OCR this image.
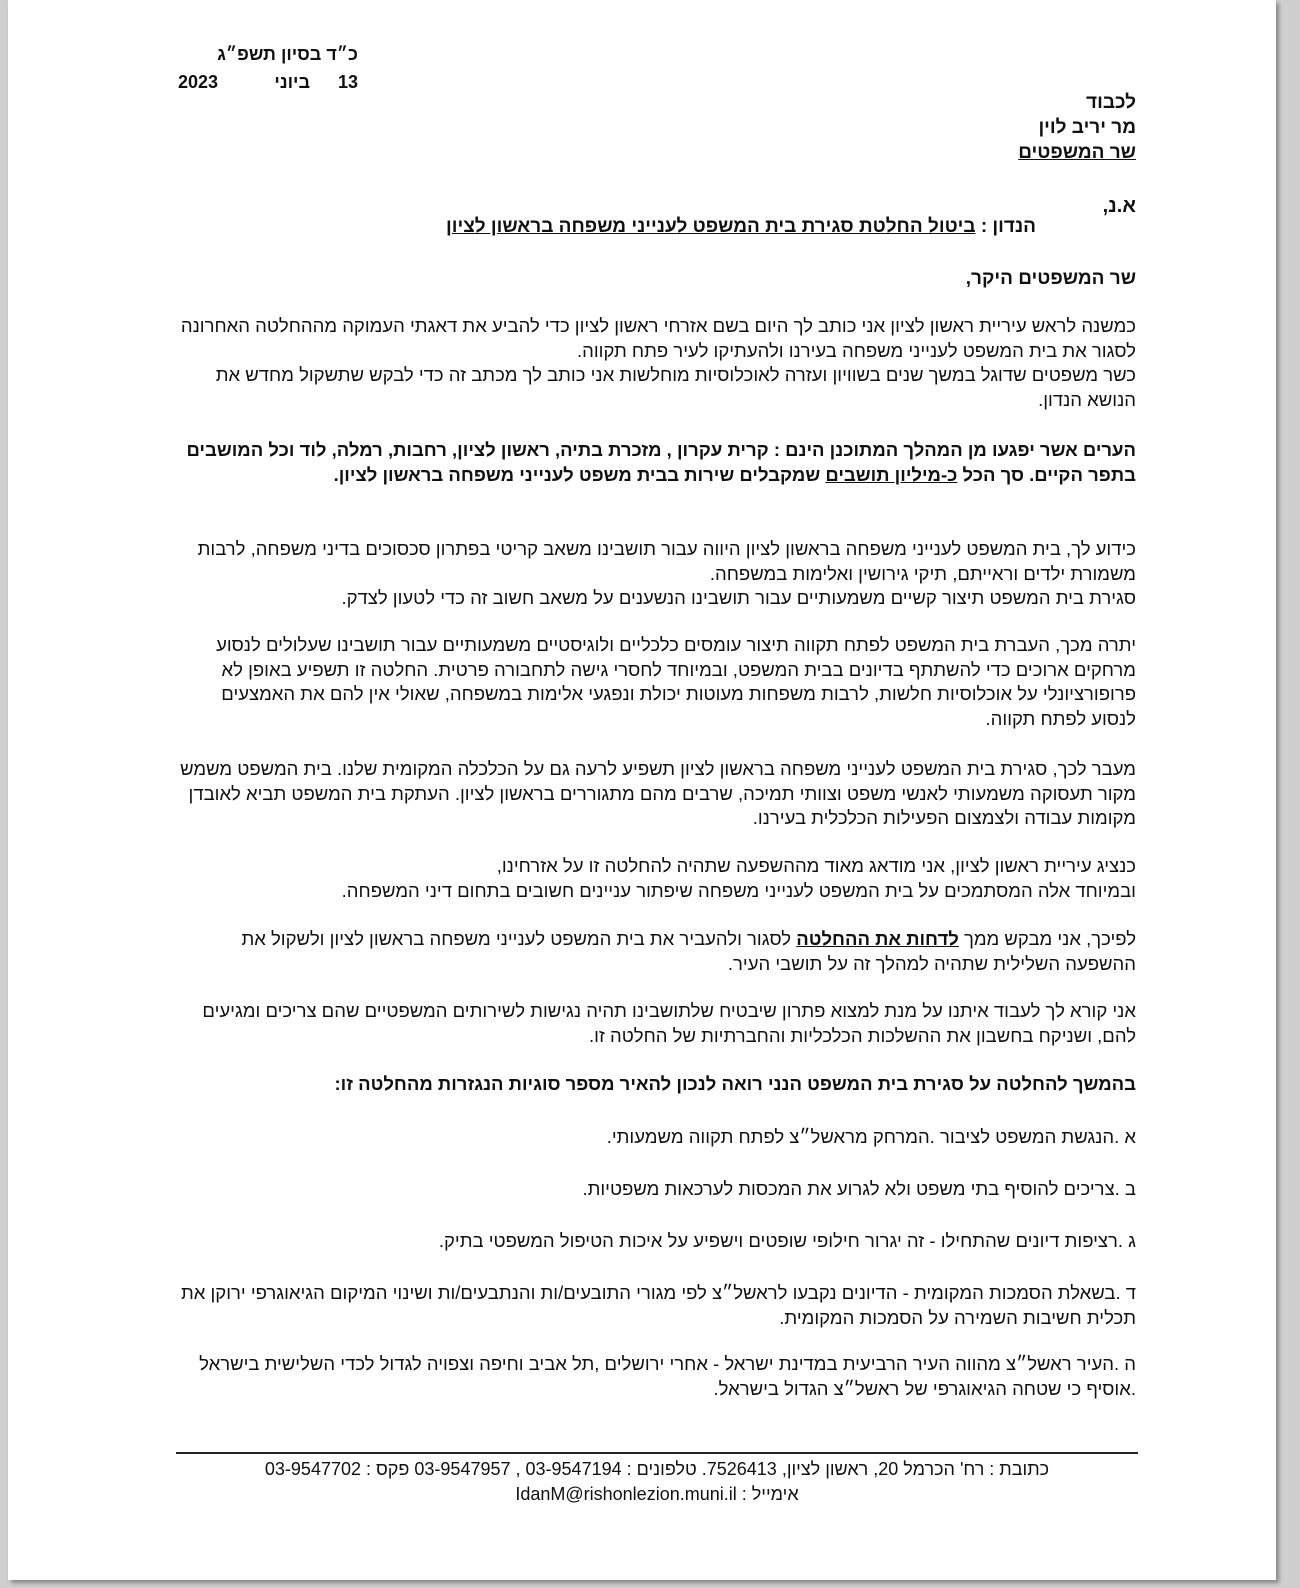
כ״ד בסיון תשפ״ג
13
ביוני
2023
לכבוד
מר יריב לוין
שר המשפטים
א.נ,
הנדון : ביטול החלטת סגירת בית המשפט לענייני משפחה בראשון לציון
שר המשפטים היקר,
כמשנה לראש עיריית ראשון לציון אני כותב לך היום בשם אזרחי ראשון לציון כדי להביע את דאגתי העמוקה מההחלטה האחרונה לסגור את בית המשפט לענייני משפחה בעירנו ולהעתיקו לעיר פתח תקווה.
כשר משפטים שדוגל במשך שנים בשוויון ועזרה לאוכלוסיות מוחלשות אני כותב לך מכתב זה כדי לבקש שתשקול מחדש את הנושא הנדון.
הערים אשר יפגעו מן המהלך המתוכנן הינם : קרית עקרון , מזכרת בתיה, ראשון לציון, רחבות, רמלה, לוד וכל המושבים בתפר הקיים. סך הכל כ-מיליון תושבים שמקבלים שירות בבית משפט לענייני משפחה בראשון לציון.
כידוע לך, בית המשפט לענייני משפחה בראשון לציון היווה עבור תושבינו משאב קריטי בפתרון סכסוכים בדיני משפחה, לרבות משמורת ילדים וראייתם, תיקי גירושין ואלימות במשפחה.
סגירת בית המשפט תיצור קשיים משמעותיים עבור תושבינו הנשענים על משאב חשוב זה כדי לטעון לצדק.
יתרה מכך, העברת בית המשפט לפתח תקווה תיצור עומסים כלכליים ולוגיסטיים משמעותיים עבור תושבינו שעלולים לנסוע מרחקים ארוכים כדי להשתתף בדיונים בבית המשפט, ובמיוחד לחסרי גישה לתחבורה פרטית. החלטה זו תשפיע באופן לא פרופורציונלי על אוכלוסיות חלשות, לרבות משפחות מעוטות יכולת ונפגעי אלימות במשפחה, שאולי אין להם את האמצעים לנסוע לפתח תקווה.
מעבר לכך, סגירת בית המשפט לענייני משפחה בראשון לציון תשפיע לרעה גם על הכלכלה המקומית שלנו. בית המשפט משמש מקור תעסוקה משמעותי לאנשי משפט וצוותי תמיכה, שרבים מהם מתגוררים בראשון לציון. העתקת בית המשפט תביא לאובדן מקומות עבודה ולצמצום הפעילות הכלכלית בעירנו.
כנציג עיריית ראשון לציון, אני מודאג מאוד מההשפעה שתהיה להחלטה זו על אזרחינו,
ובמיוחד אלה המסתמכים על בית המשפט לענייני משפחה שיפתור עניינים חשובים בתחום דיני המשפחה.
לפיכך, אני מבקש ממך לדחות את ההחלטה לסגור ולהעביר את בית המשפט לענייני משפחה בראשון לציון ולשקול את ההשפעה השלילית שתהיה למהלך זה על תושבי העיר.
אני קורא לך לעבוד איתנו על מנת למצוא פתרון שיבטיח שלתושבינו תהיה נגישות לשירותים המשפטיים שהם צריכים ומגיעים להם, ושניקח בחשבון את ההשלכות הכלכליות והחברתיות של החלטה זו.
בהמשך להחלטה על סגירת בית המשפט הנני רואה לנכון להאיר מספר סוגיות הנגזרות מהחלטה זו:
א .הנגשת המשפט לציבור .המרחק מראשל״צ לפתח תקווה משמעותי.
ב .צריכים להוסיף בתי משפט ולא לגרוע את המכסות לערכאות משפטיות.
ג .רציפות דיונים שהתחילו - זה יגרור חילופי שופטים וישפיע על איכות הטיפול המשפטי בתיק.
ד .בשאלת הסמכות המקומית - הדיונים נקבעו לראשל״צ לפי מגורי התובעים/ות והנתבעים/ות ושינוי המיקום הגיאוגרפי ירוקן את תכלית חשיבות השמירה על הסמכות המקומית.
ה .העיר ראשל״צ מהווה העיר הרביעית במדינת ישראל - אחרי ירושלים ,תל אביב וחיפה וצפויה לגדול לכדי השלישית בישראל .אוסיף כי שטחה הגיאוגרפי של ראשל״צ הגדול בישראל.
כתובת : רח' הכרמל 20, ראשון לציון, 7526413. טלפונים : 03-9547194 , 03-9547957 פקס : 03-9547702
אימייל : IdanM@rishonlezion.muni.il
